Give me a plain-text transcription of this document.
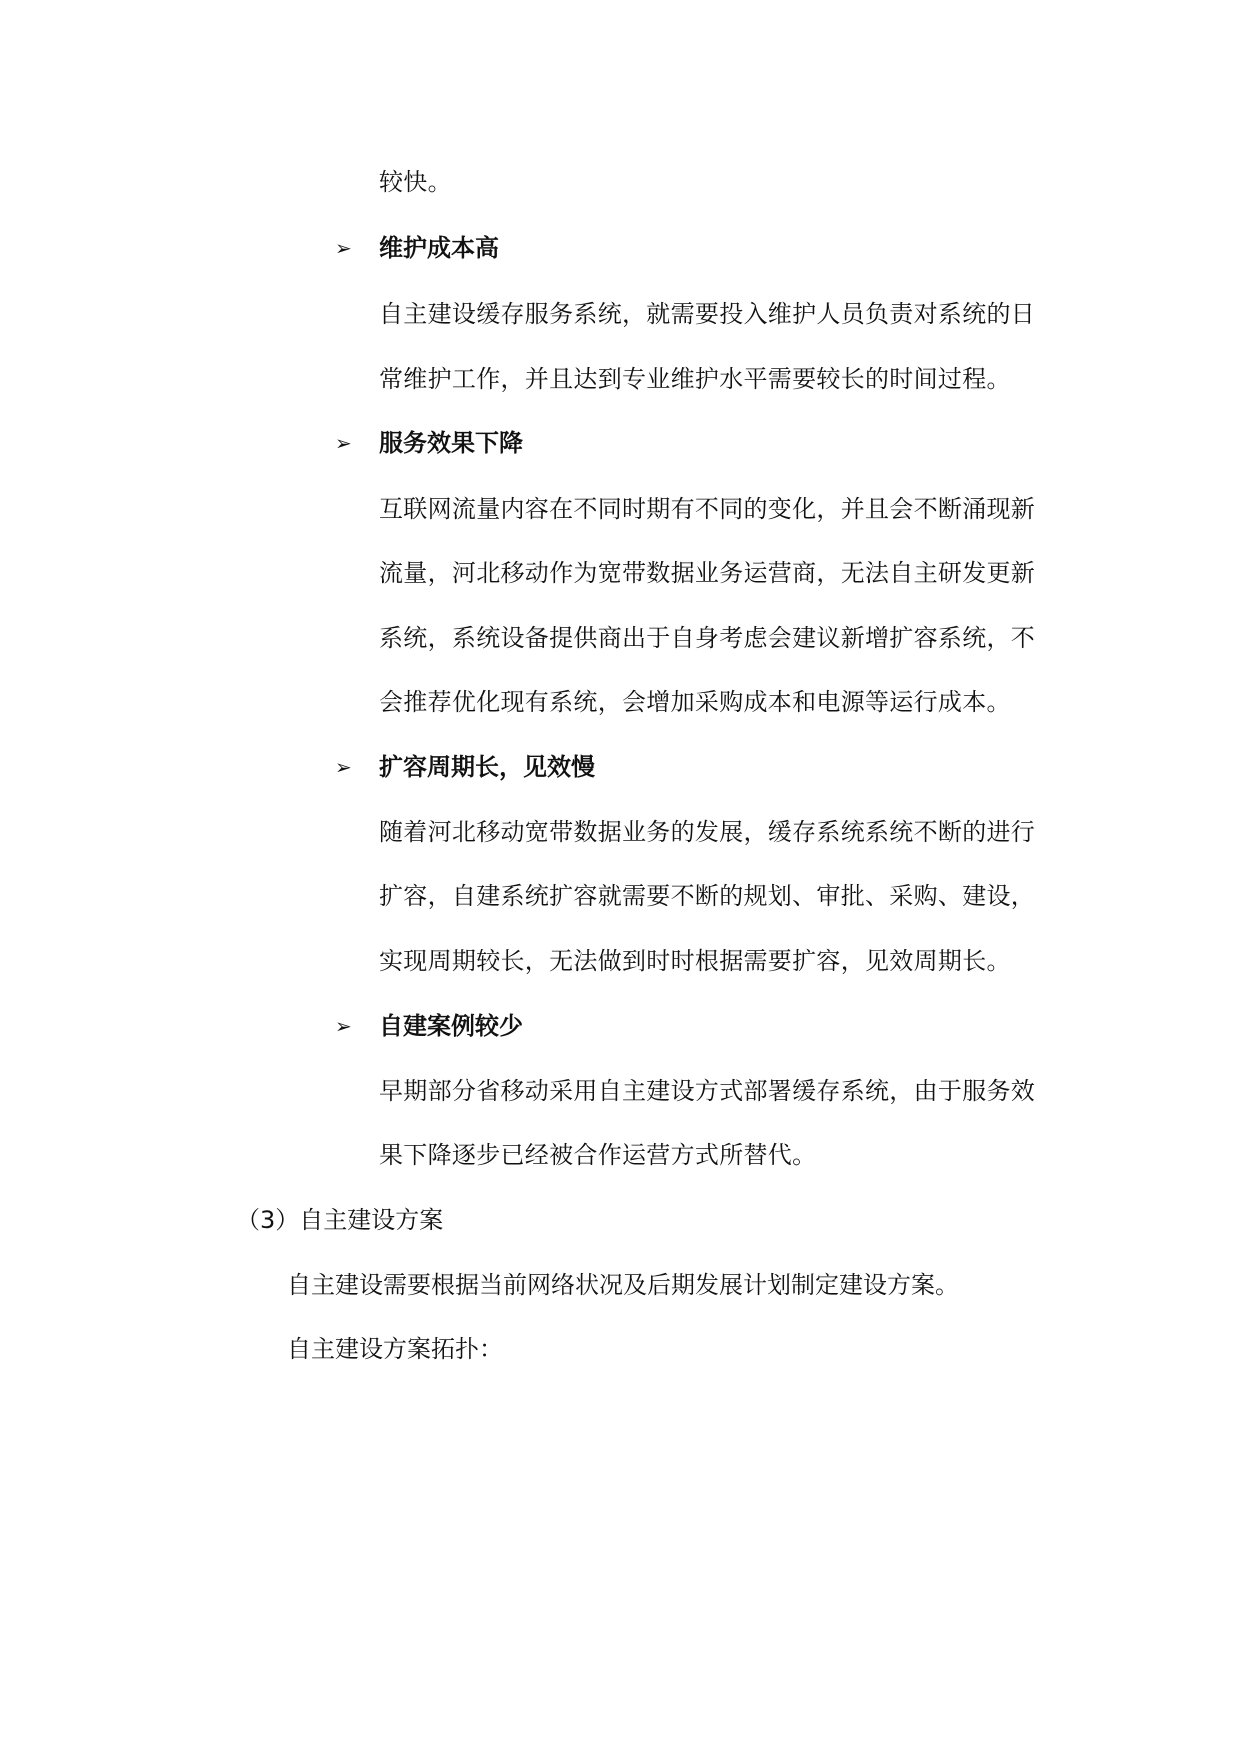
较快。
➢ 维护成本高
自主建设缓存服务系统，就需要投入维护人员负责对系统的日
常维护工作，并且达到专业维护水平需要较长的时间过程。
➢ 服务效果下降
互联网流量内容在不同时期有不同的变化，并且会不断涌现新
流量，河北移动作为宽带数据业务运营商，无法自主研发更新
系统，系统设备提供商出于自身考虑会建议新增扩容系统，不
会推荐优化现有系统，会增加采购成本和电源等运行成本。
➢ 扩容周期长，见效慢
随着河北移动宽带数据业务的发展，缓存系统系统不断的进行
扩容，自建系统扩容就需要不断的规划、审批、采购、建设，
实现周期较长，无法做到时时根据需要扩容，见效周期长。
➢ 自建案例较少
早期部分省移动采用自主建设方式部署缓存系统，由于服务效
果下降逐步已经被合作运营方式所替代。
（3）自主建设方案
自主建设需要根据当前网络状况及后期发展计划制定建设方案。
自主建设方案拓扑：
